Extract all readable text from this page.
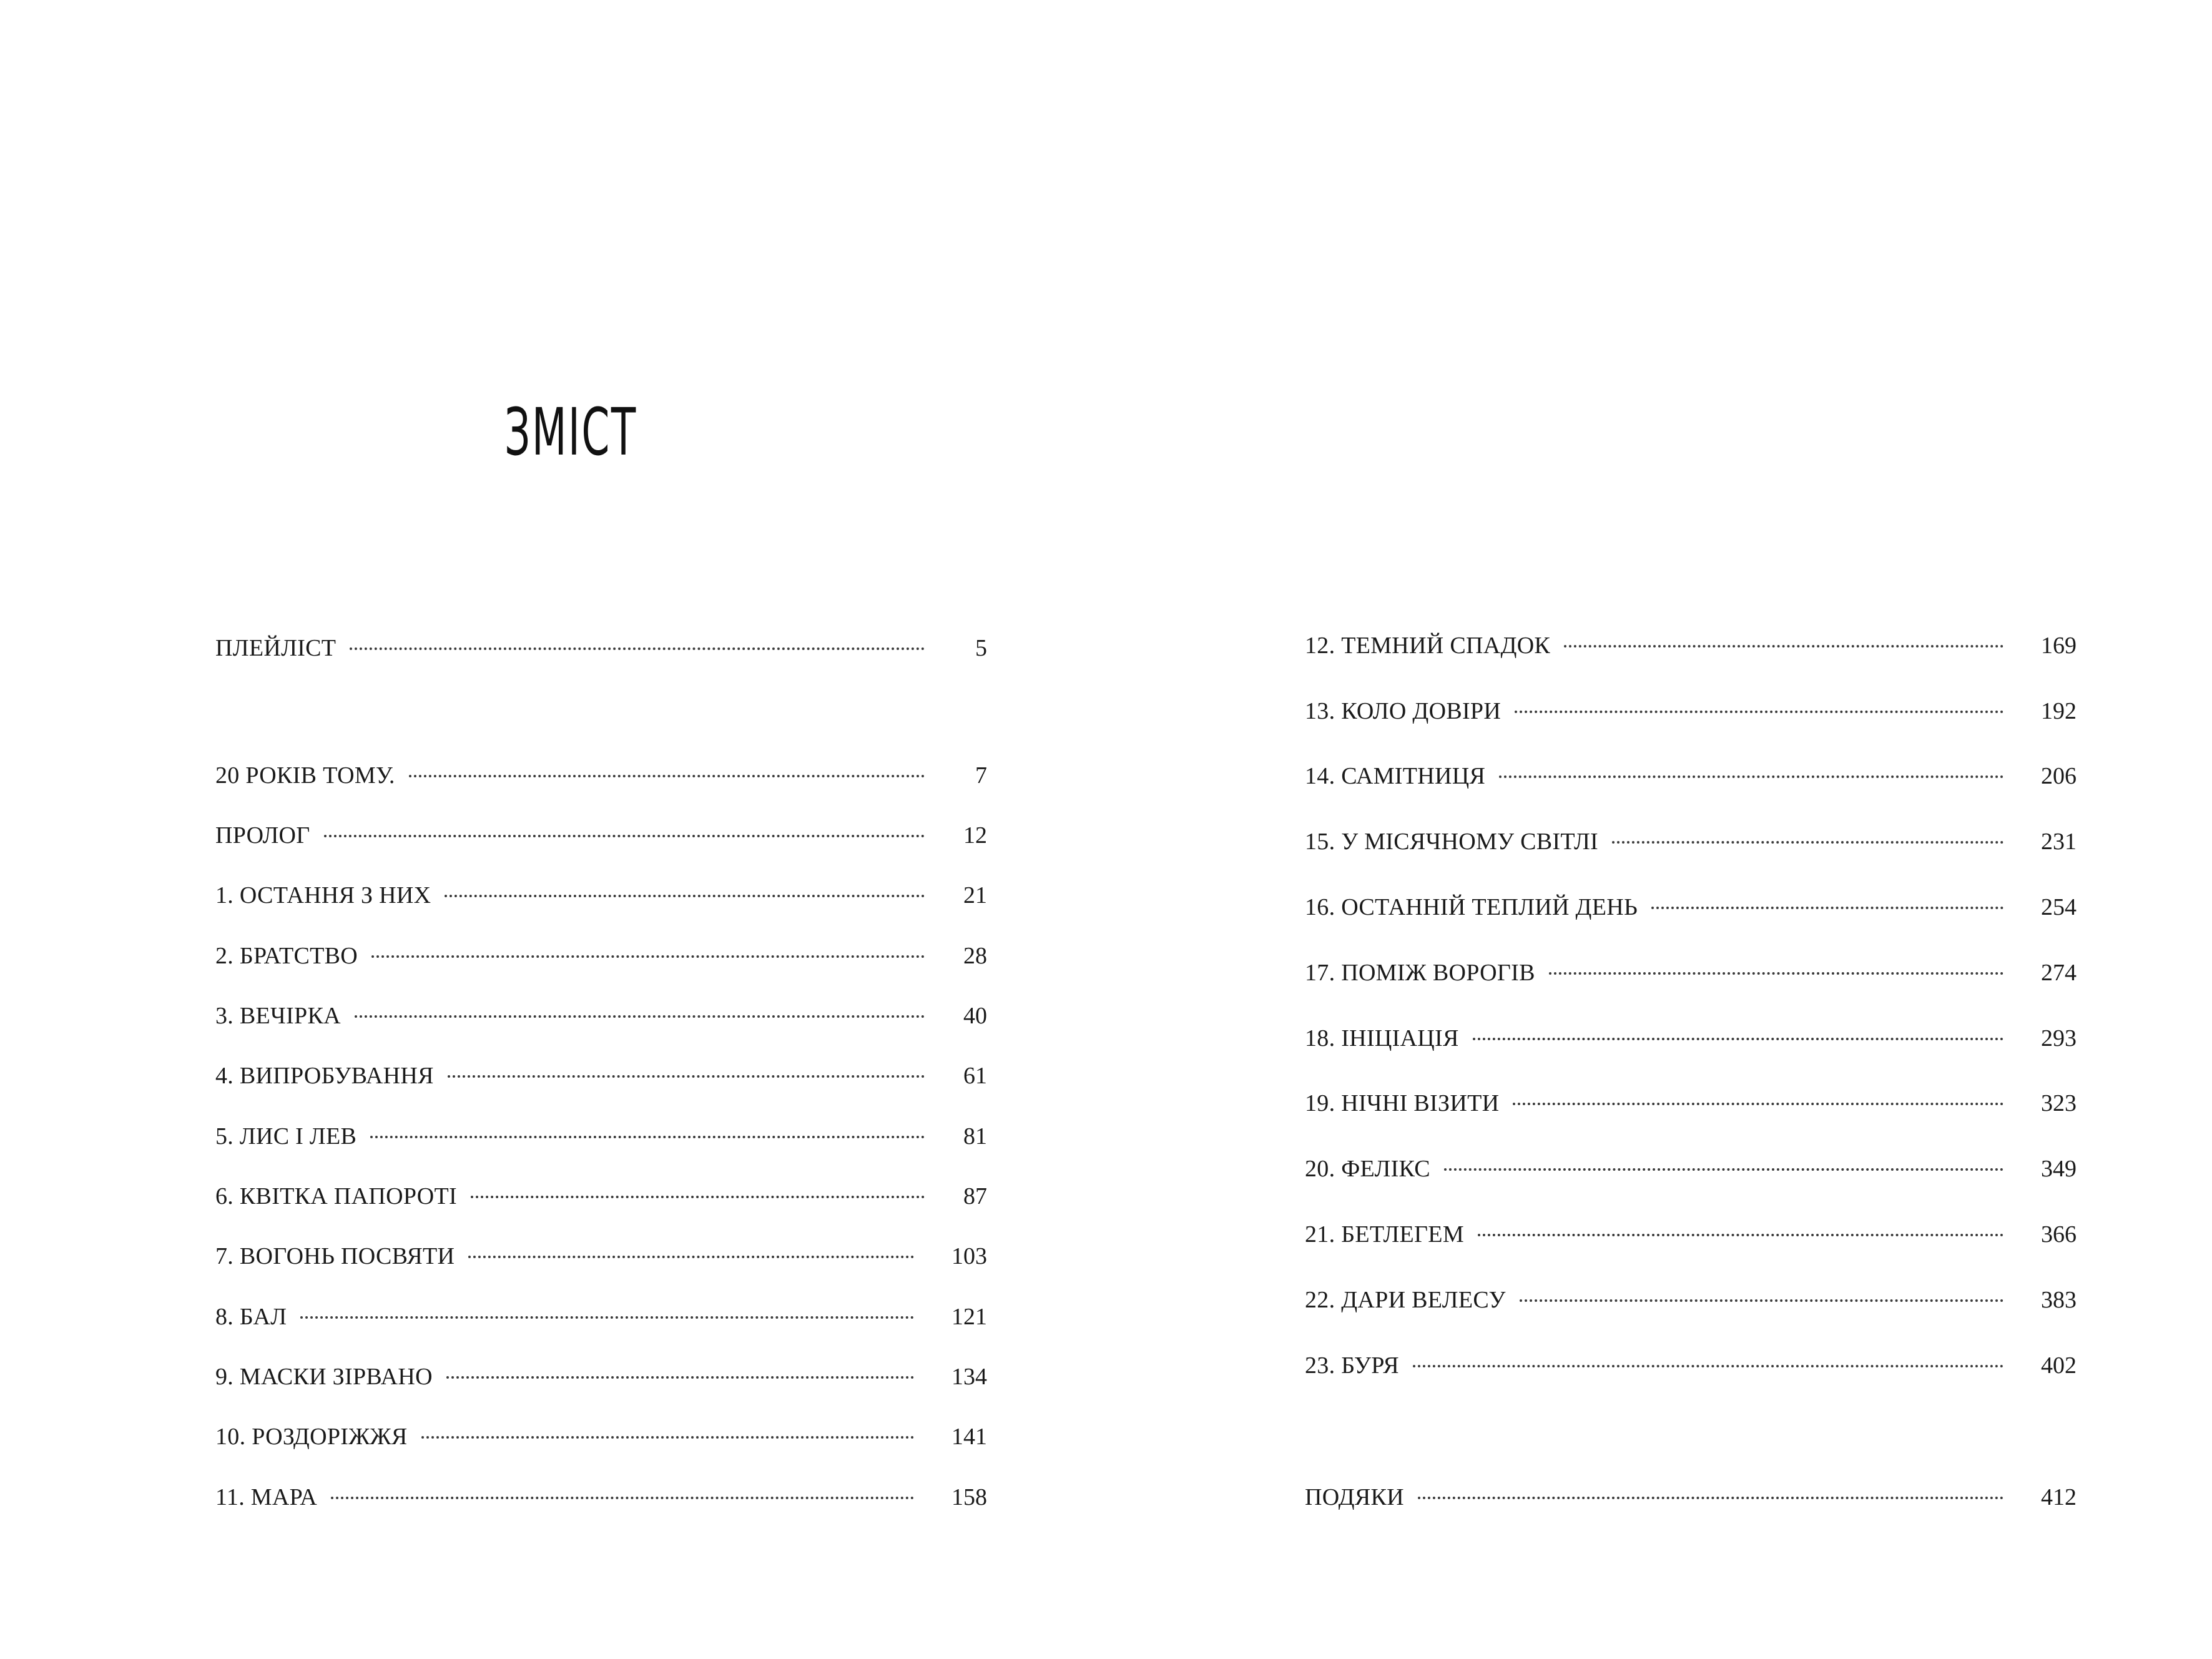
ЗМІСТ
ПЛЕЙЛІСТ	5
20 РОКІВ ТОМУ.	7
ПРОЛОГ	12
1. ОСТАННЯ З НИХ	21
2. БРАТСТВО	28
3. ВЕЧІРКА	40
4. ВИПРОБУВАННЯ	61
5. ЛИС І ЛЕВ	81
6. КВІТКА ПАПОРОТІ	87
7. ВОГОНЬ ПОСВЯТИ	103
8. БАЛ	121
9. МАСКИ ЗІРВАНО	134
10. РОЗДОРІЖЖЯ	141
11. МАРА	158
12. ТЕМНИЙ СПАДОК	169
13. КОЛО ДОВІРИ	192
14. САМІТНИЦЯ	206
15. У МІСЯЧНОМУ СВІТЛІ	231
16. ОСТАННІЙ ТЕПЛИЙ ДЕНЬ	254
17. ПОМІЖ ВОРОГІВ	274
18. ІНІЦІАЦІЯ	293
19. НІЧНІ ВІЗИТИ	323
20. ФЕЛІКС	349
21. БЕТЛЕГЕМ	366
22. ДАРИ ВЕЛЕСУ	383
23. БУРЯ	402
ПОДЯКИ	412
